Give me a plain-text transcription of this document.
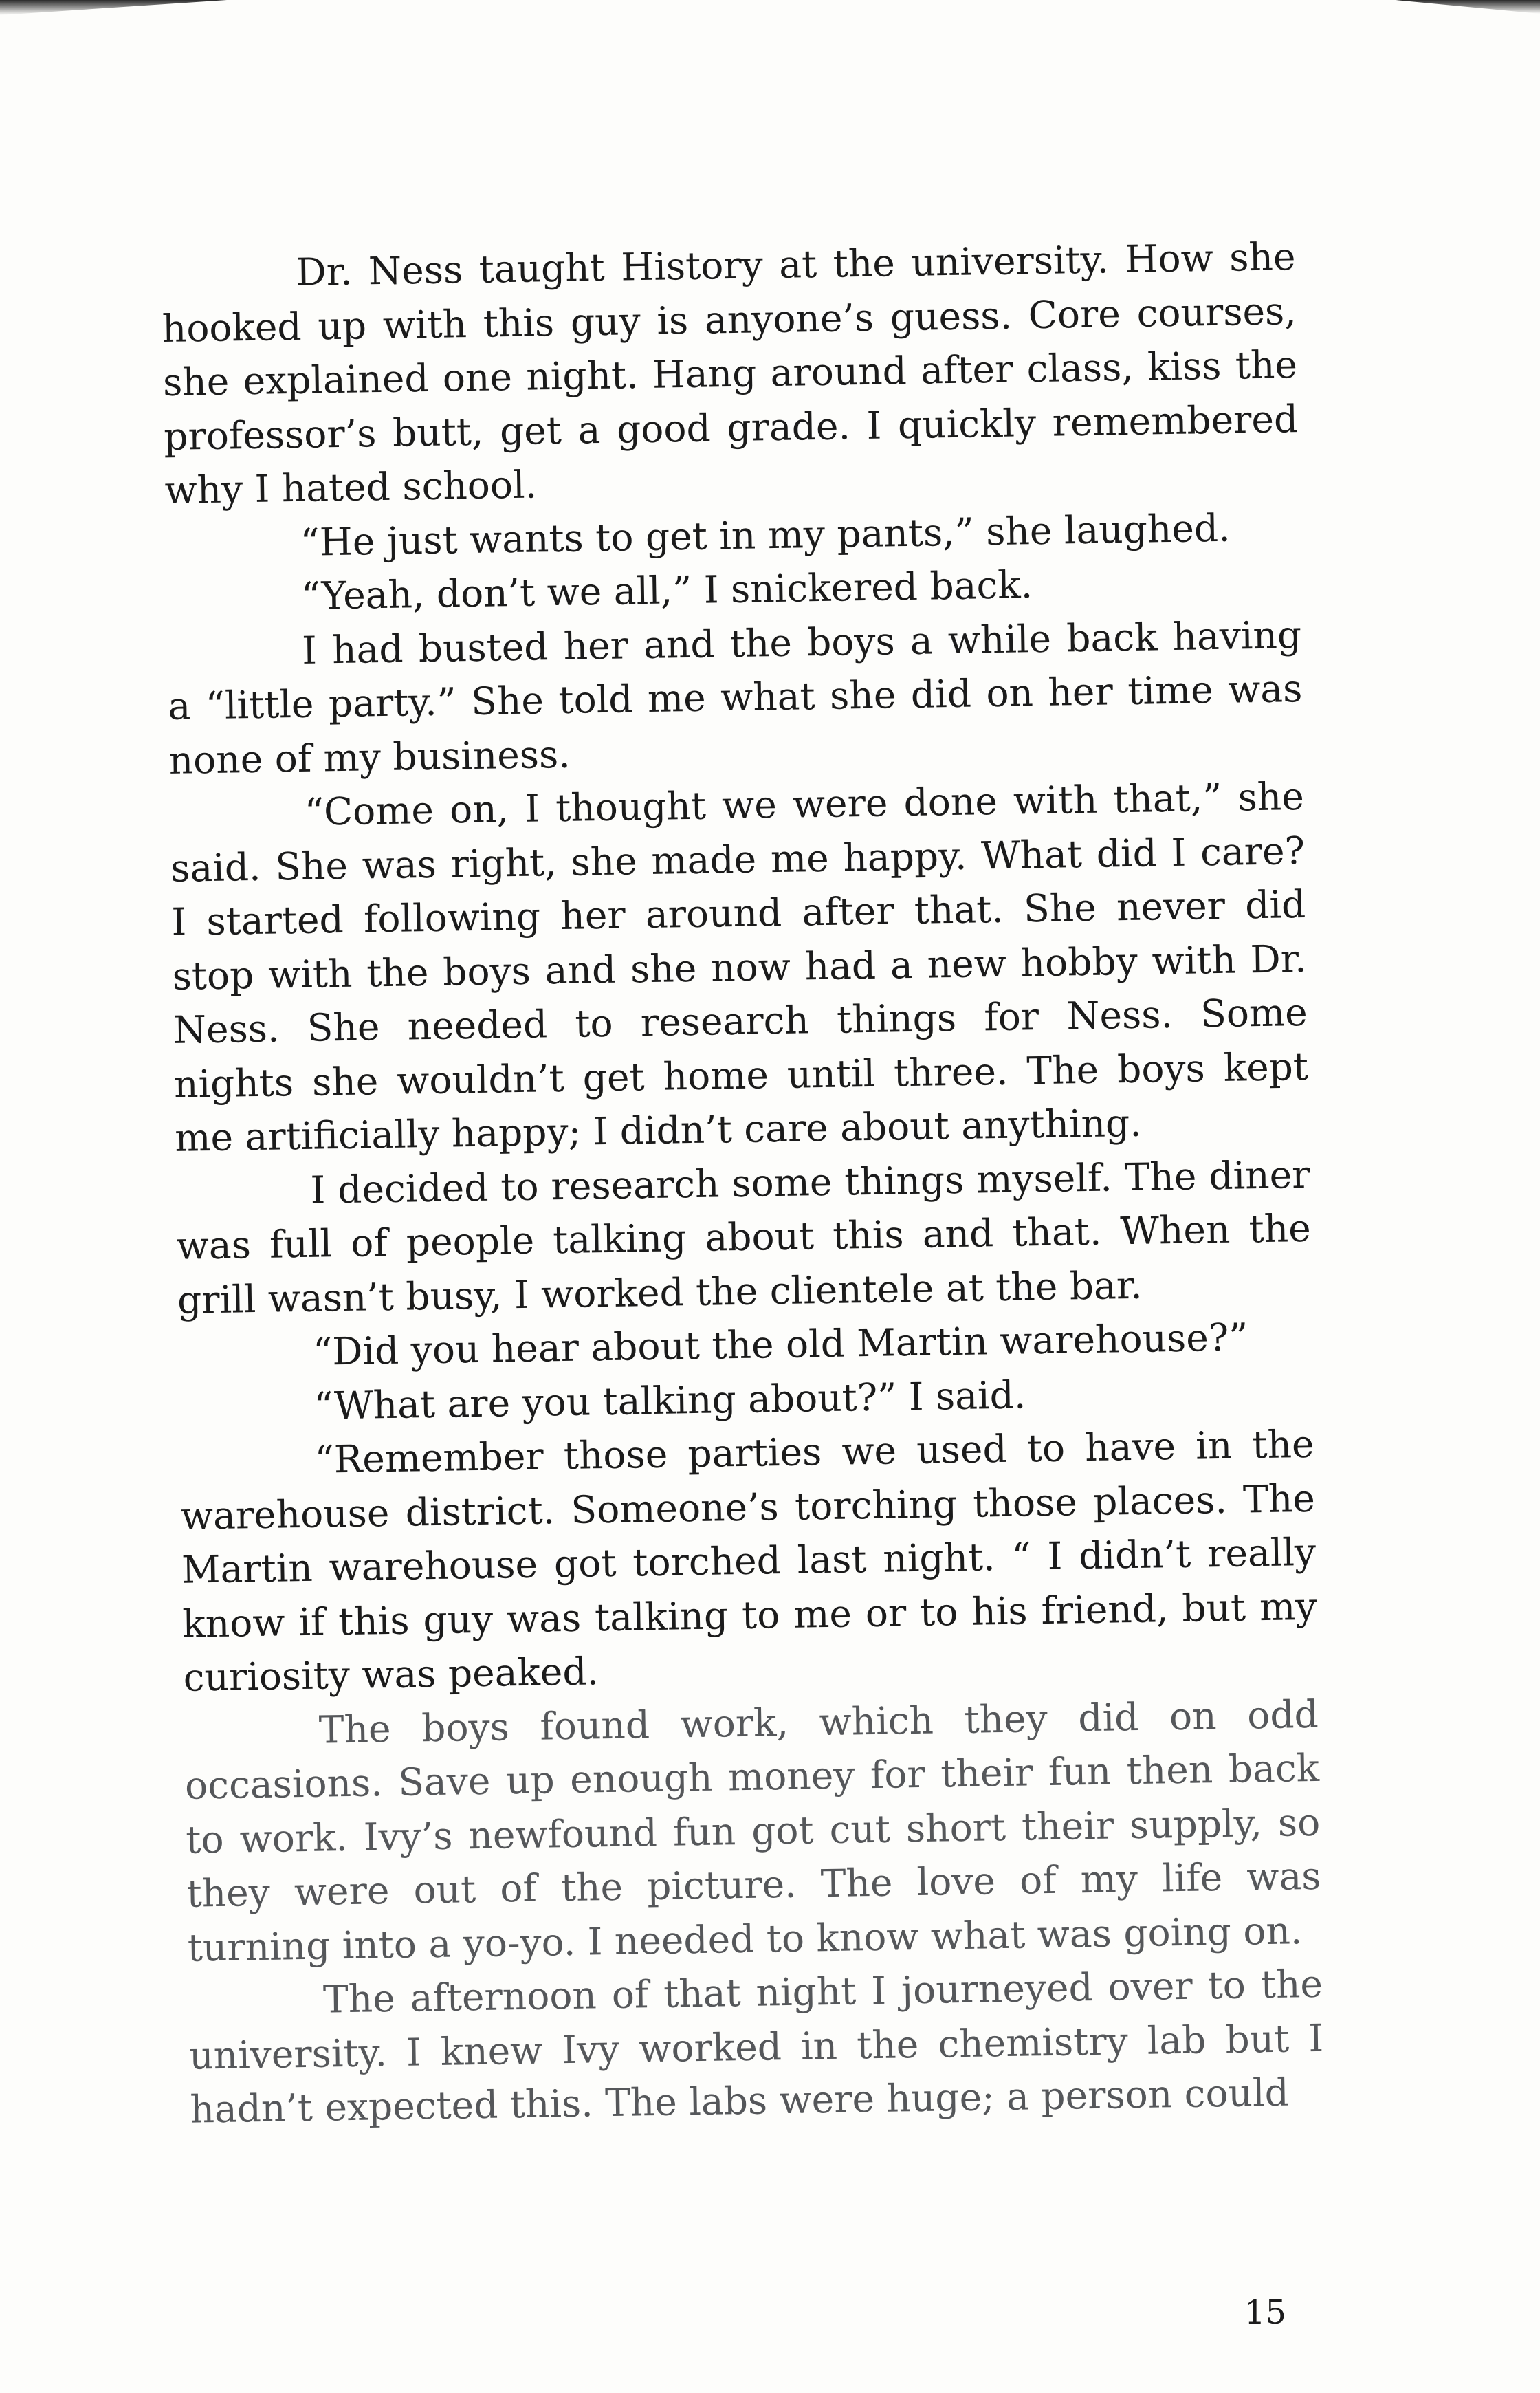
Dr. Ness taught History at the university. How she hooked up with this guy is anyone’s guess. Core courses, she explained one night. Hang around after class, kiss the professor’s butt, get a good grade. I quickly remembered why I hated school.

“He just wants to get in my pants,” she laughed.

“Yeah, don’t we all,” I snickered back.

I had busted her and the boys a while back having a “little party.” She told me what she did on her time was none of my business.

“Come on, I thought we were done with that,” she said. She was right, she made me happy. What did I care? I started following her around after that. She never did stop with the boys and she now had a new hobby with Dr. Ness. She needed to research things for Ness. Some nights she wouldn’t get home until three. The boys kept me artificially happy; I didn’t care about anything.

I decided to research some things myself. The diner was full of people talking about this and that. When the grill wasn’t busy, I worked the clientele at the bar.

“Did you hear about the old Martin warehouse?”

“What are you talking about?” I said.

“Remember those parties we used to have in the warehouse district. Someone’s torching those places. The Martin warehouse got torched last night. “ I didn’t really know if this guy was talking to me or to his friend, but my curiosity was peaked.

The boys found work, which they did on odd occasions. Save up enough money for their fun then back to work. Ivy’s newfound fun got cut short their supply, so they were out of the picture. The love of my life was turning into a yo-yo. I needed to know what was going on.

The afternoon of that night I journeyed over to the university. I knew Ivy worked in the chemistry lab but I hadn’t expected this. The labs were huge; a person could

15
